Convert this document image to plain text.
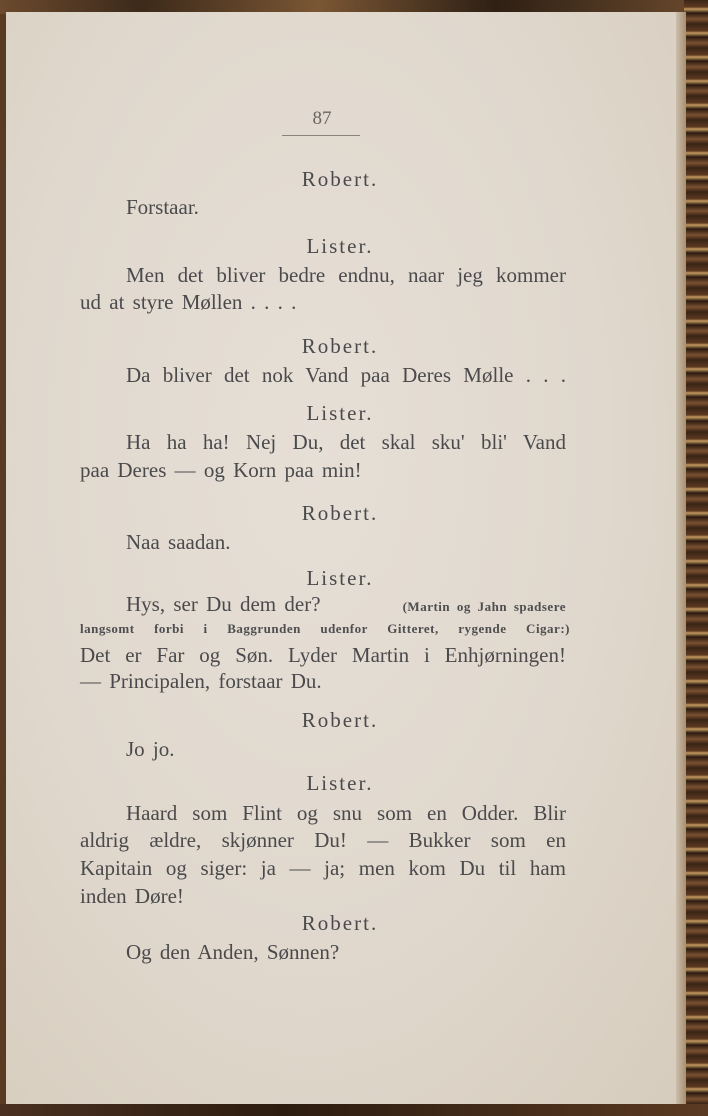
87
Robert.
Forstaar.
Lister.
Men det bliver bedre endnu, naar jeg kommer
ud at styre Møllen . . . .
Robert.
Da bliver det nok Vand paa Deres Mølle . . .
Lister.
Ha ha ha! Nej Du, det skal sku' bli' Vand
paa Deres — og Korn paa min!
Robert.
Naa saadan.
Lister.
Hys, ser Du dem der?	(Martin og Jahn spadsere
langsomt forbi i Baggrunden udenfor Gitteret, rygende Cigar:)
Det er Far og Søn. Lyder Martin i Enhjørningen!
— Principalen, forstaar Du.
Robert.
Jo jo.
Lister.
Haard som Flint og snu som en Odder. Blir
aldrig ældre, skjønner Du! — Bukker som en
Kapitain og siger: ja — ja; men kom Du til ham
inden Døre!
Robert.
Og den Anden, Sønnen?
